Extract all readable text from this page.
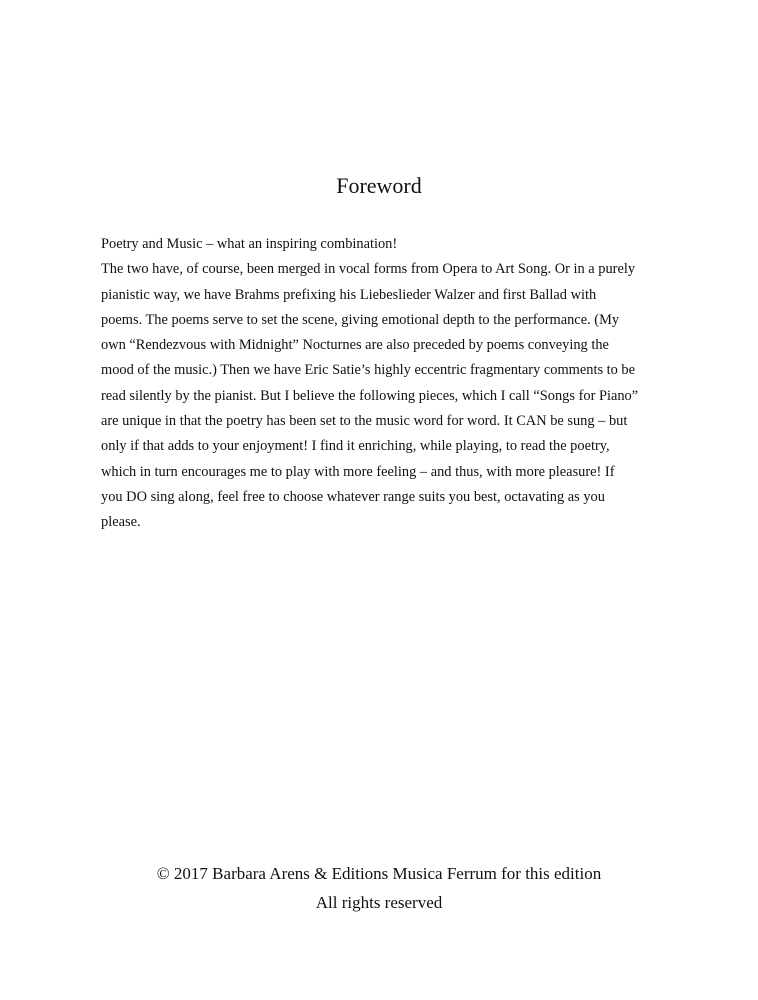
Foreword
Poetry and Music – what an inspiring combination!
The two have, of course, been merged in vocal forms from Opera to Art Song. Or in a purely
pianistic way, we have Brahms prefixing his Liebeslieder Walzer and first Ballad with
poems. The poems serve to set the scene, giving emotional depth to the performance. (My
own “Rendezvous with Midnight” Nocturnes are also preceded by poems conveying the
mood of the music.) Then we have Eric Satie’s highly eccentric fragmentary comments to be
read silently by the pianist. But I believe the following pieces, which I call “Songs for Piano”
are unique in that the poetry has been set to the music word for word. It CAN be sung – but
only if that adds to your enjoyment! I find it enriching, while playing, to read the poetry,
which in turn encourages me to play with more feeling – and thus, with more pleasure! If
you DO sing along, feel free to choose whatever range suits you best, octavating as you
please.
© 2017 Barbara Arens & Editions Musica Ferrum for this edition
All rights reserved
